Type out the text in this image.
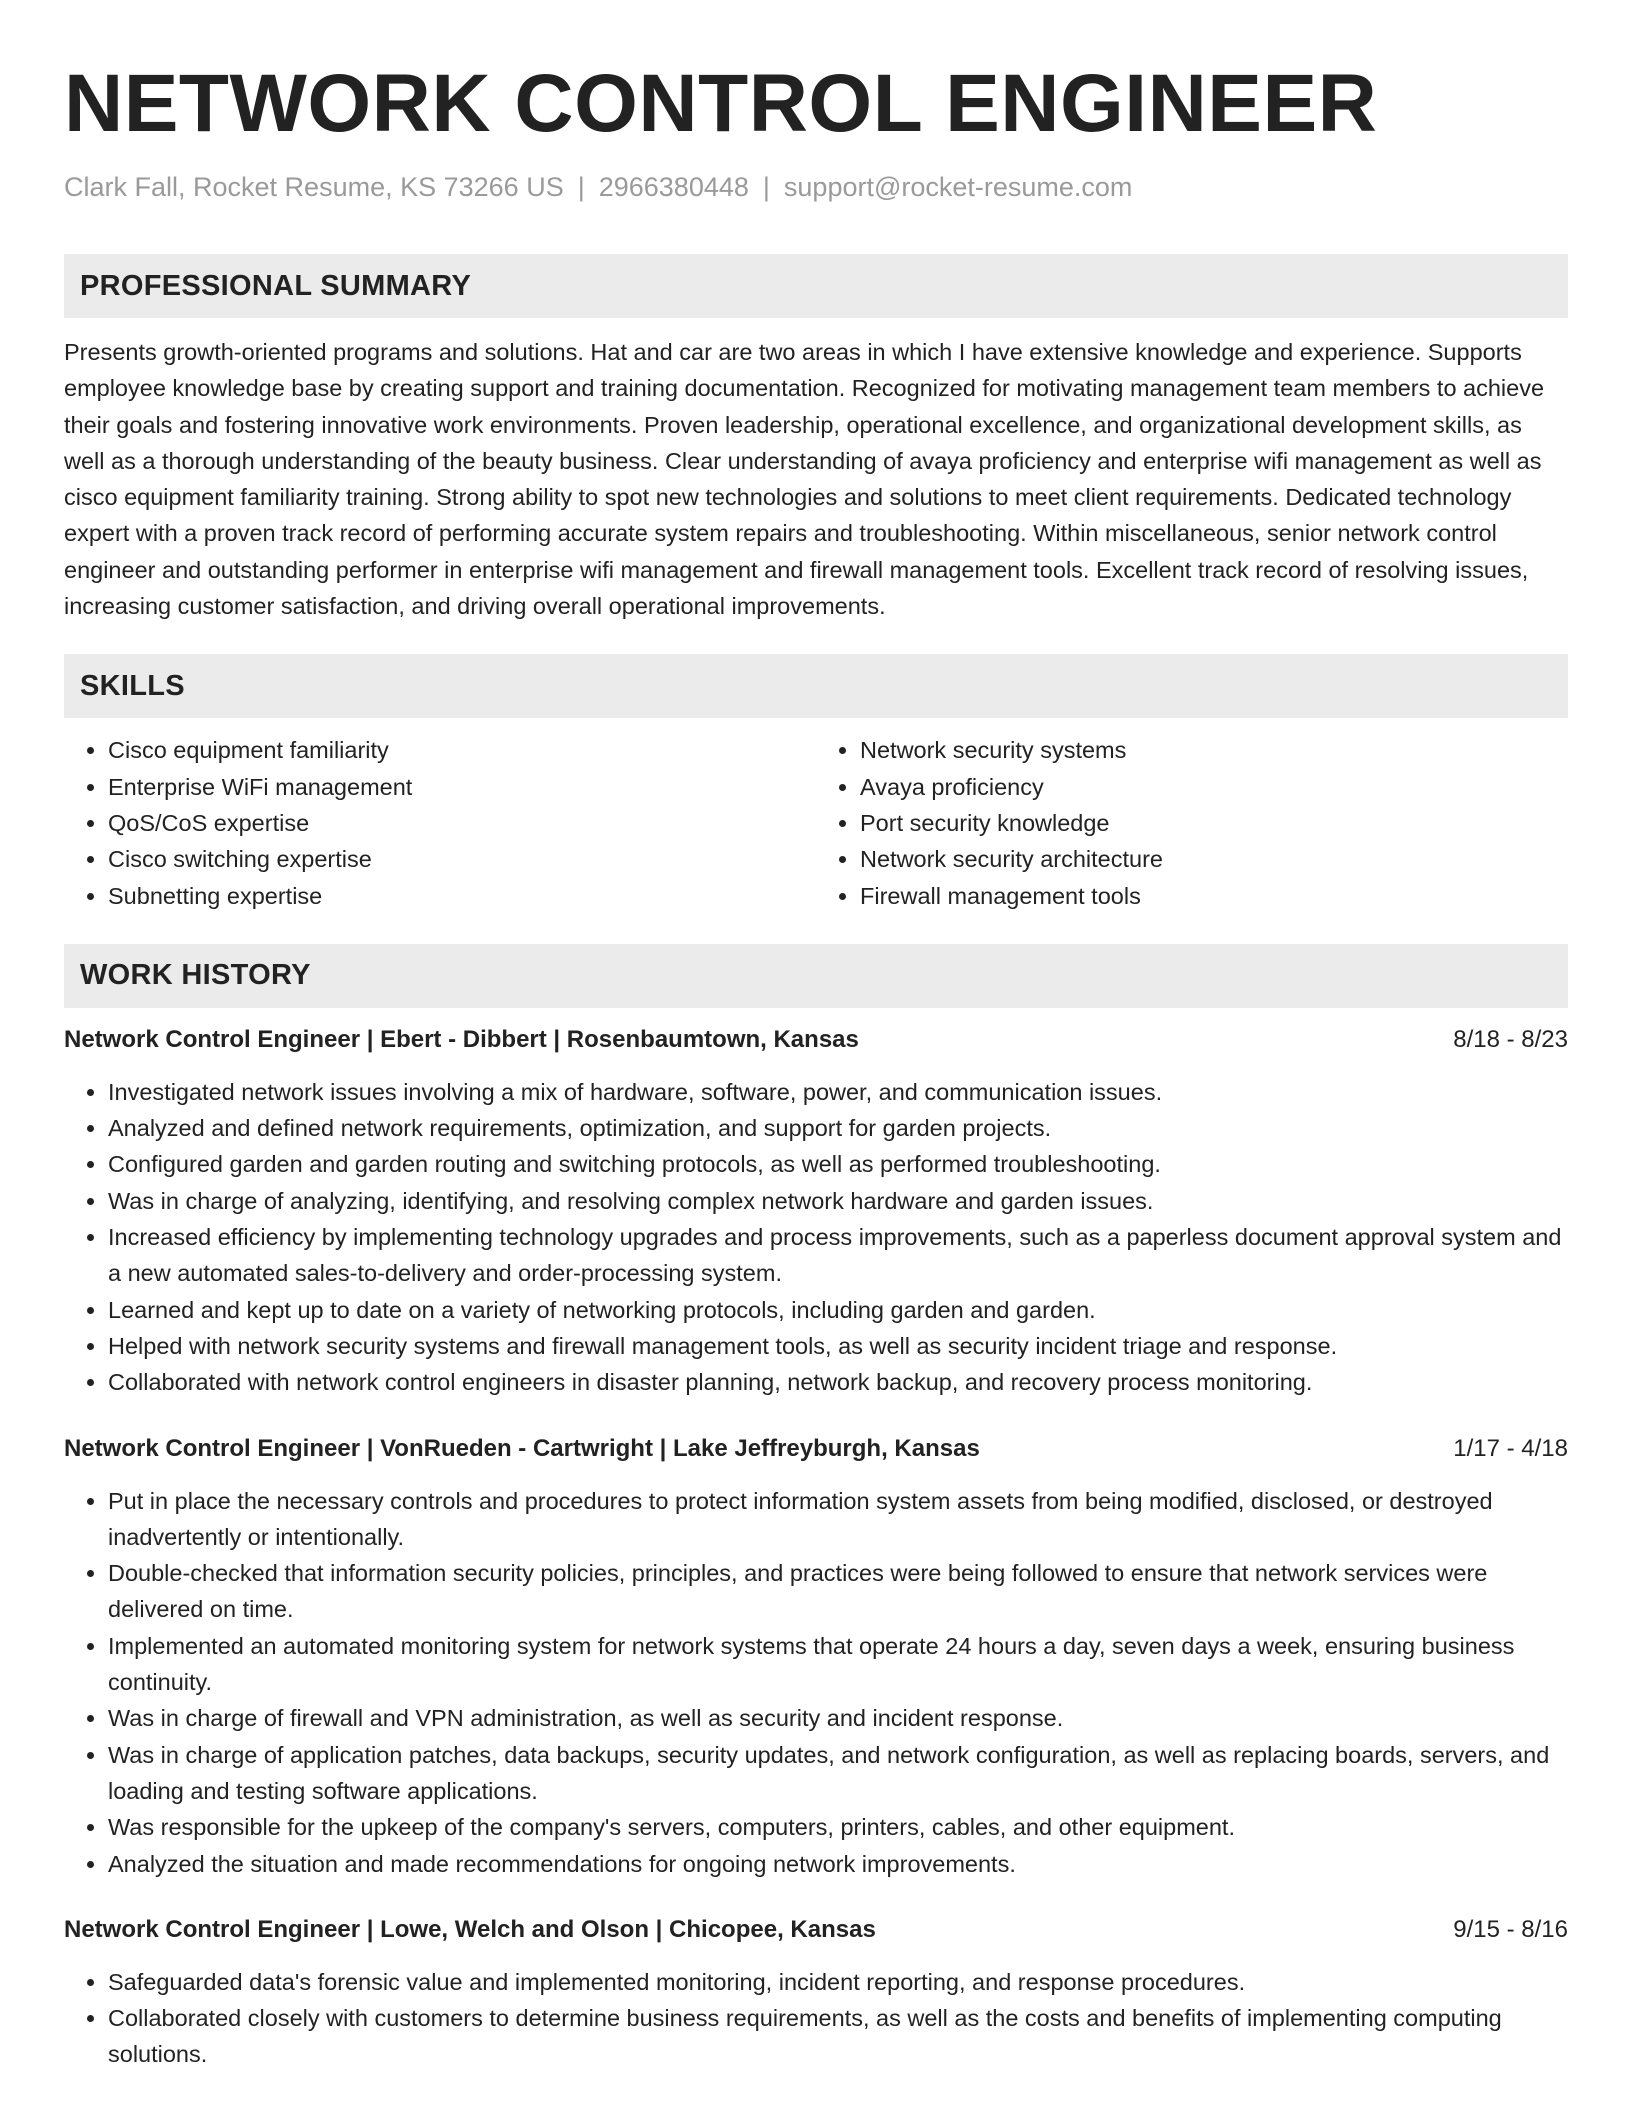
NETWORK CONTROL ENGINEER
Clark Fall, Rocket Resume, KS 73266 US | 2966380448 | support@rocket-resume.com
PROFESSIONAL SUMMARY

Presents growth-oriented programs and solutions. Hat and car are two areas in which I have extensive knowledge and experience. Supports employee knowledge base by creating support and training documentation. Recognized for motivating management team members to achieve their goals and fostering innovative work environments. Proven leadership, operational excellence, and organizational development skills, as well as a thorough understanding of the beauty business. Clear understanding of avaya proficiency and enterprise wifi management as well as cisco equipment familiarity training. Strong ability to spot new technologies and solutions to meet client requirements. Dedicated technology expert with a proven track record of performing accurate system repairs and troubleshooting. Within miscellaneous, senior network control engineer and outstanding performer in enterprise wifi management and firewall management tools. Excellent track record of resolving issues, increasing customer satisfaction, and driving overall operational improvements.

SKILLS
• Cisco equipment familiarity
• Enterprise WiFi management
• QoS/CoS expertise
• Cisco switching expertise
• Subnetting expertise
• Network security systems
• Avaya proficiency
• Port security knowledge
• Network security architecture
• Firewall management tools
WORK HISTORY
Network Control Engineer | Ebert - Dibbert | Rosenbaumtown, Kansas	8/18 - 8/23
• Investigated network issues involving a mix of hardware, software, power, and communication issues.
• Analyzed and defined network requirements, optimization, and support for garden projects.
• Configured garden and garden routing and switching protocols, as well as performed troubleshooting.
• Was in charge of analyzing, identifying, and resolving complex network hardware and garden issues.
• Increased efficiency by implementing technology upgrades and process improvements, such as a paperless document approval system and a new automated sales-to-delivery and order-processing system.
• Learned and kept up to date on a variety of networking protocols, including garden and garden.
• Helped with network security systems and firewall management tools, as well as security incident triage and response.
• Collaborated with network control engineers in disaster planning, network backup, and recovery process monitoring.
Network Control Engineer | VonRueden - Cartwright | Lake Jeffreyburgh, Kansas	1/17 - 4/18
• Put in place the necessary controls and procedures to protect information system assets from being modified, disclosed, or destroyed inadvertently or intentionally.
• Double-checked that information security policies, principles, and practices were being followed to ensure that network services were delivered on time.
• Implemented an automated monitoring system for network systems that operate 24 hours a day, seven days a week, ensuring business continuity.
• Was in charge of firewall and VPN administration, as well as security and incident response.
• Was in charge of application patches, data backups, security updates, and network configuration, as well as replacing boards, servers, and loading and testing software applications.
• Was responsible for the upkeep of the company's servers, computers, printers, cables, and other equipment.
• Analyzed the situation and made recommendations for ongoing network improvements.
Network Control Engineer | Lowe, Welch and Olson | Chicopee, Kansas	9/15 - 8/16
• Safeguarded data's forensic value and implemented monitoring, incident reporting, and response procedures.
• Collaborated closely with customers to determine business requirements, as well as the costs and benefits of implementing computing solutions.
